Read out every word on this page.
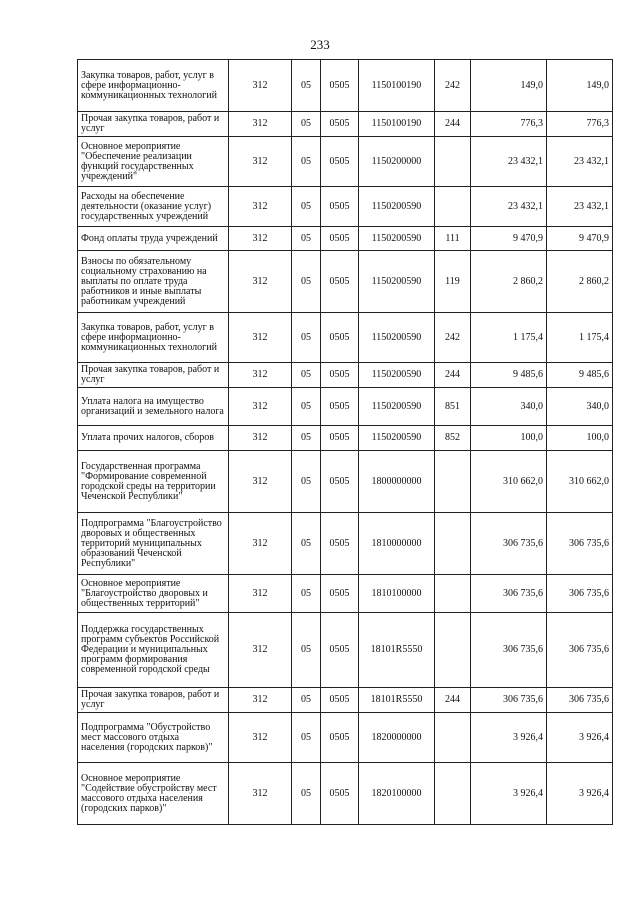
233
Закупка товаров, работ, услуг в сфере информационно-коммуникационных технологий	312	05	0505	1150100190	242	149,0	149,0
Прочая закупка товаров, работ и услуг	312	05	0505	1150100190	244	776,3	776,3
Основное мероприятие "Обеспечение реализации функций государственных учреждений"	312	05	0505	1150200000		23 432,1	23 432,1
Расходы на обеспечение деятельности (оказание услуг) государственных учреждений	312	05	0505	1150200590		23 432,1	23 432,1
Фонд оплаты труда учреждений	312	05	0505	1150200590	111	9 470,9	9 470,9
Взносы по обязательному социальному страхованию на выплаты по оплате труда работников и иные выплаты работникам учреждений	312	05	0505	1150200590	119	2 860,2	2 860,2
Закупка товаров, работ, услуг в сфере информационно-коммуникационных технологий	312	05	0505	1150200590	242	1 175,4	1 175,4
Прочая закупка товаров, работ и услуг	312	05	0505	1150200590	244	9 485,6	9 485,6
Уплата налога на имущество организаций и земельного налога	312	05	0505	1150200590	851	340,0	340,0
Уплата прочих налогов, сборов	312	05	0505	1150200590	852	100,0	100,0
Государственная программа "Формирование современной городской среды на территории Чеченской Республики"	312	05	0505	1800000000		310 662,0	310 662,0
Подпрограмма "Благоустройство дворовых и общественных территорий муниципальных образований Чеченской Республики"	312	05	0505	1810000000		306 735,6	306 735,6
Основное мероприятие "Благоустройство дворовых и общественных территорий"	312	05	0505	1810100000		306 735,6	306 735,6
Поддержка государственных программ субъектов Российской Федерации и муниципальных программ формирования современной городской среды	312	05	0505	18101R5550		306 735,6	306 735,6
Прочая закупка товаров, работ и услуг	312	05	0505	18101R5550	244	306 735,6	306 735,6
Подпрограмма "Обустройство мест массового отдыха населения (городских парков)"	312	05	0505	1820000000		3 926,4	3 926,4
Основное мероприятие "Содействие обустройству мест массового отдыха населения (городских парков)"	312	05	0505	1820100000		3 926,4	3 926,4
